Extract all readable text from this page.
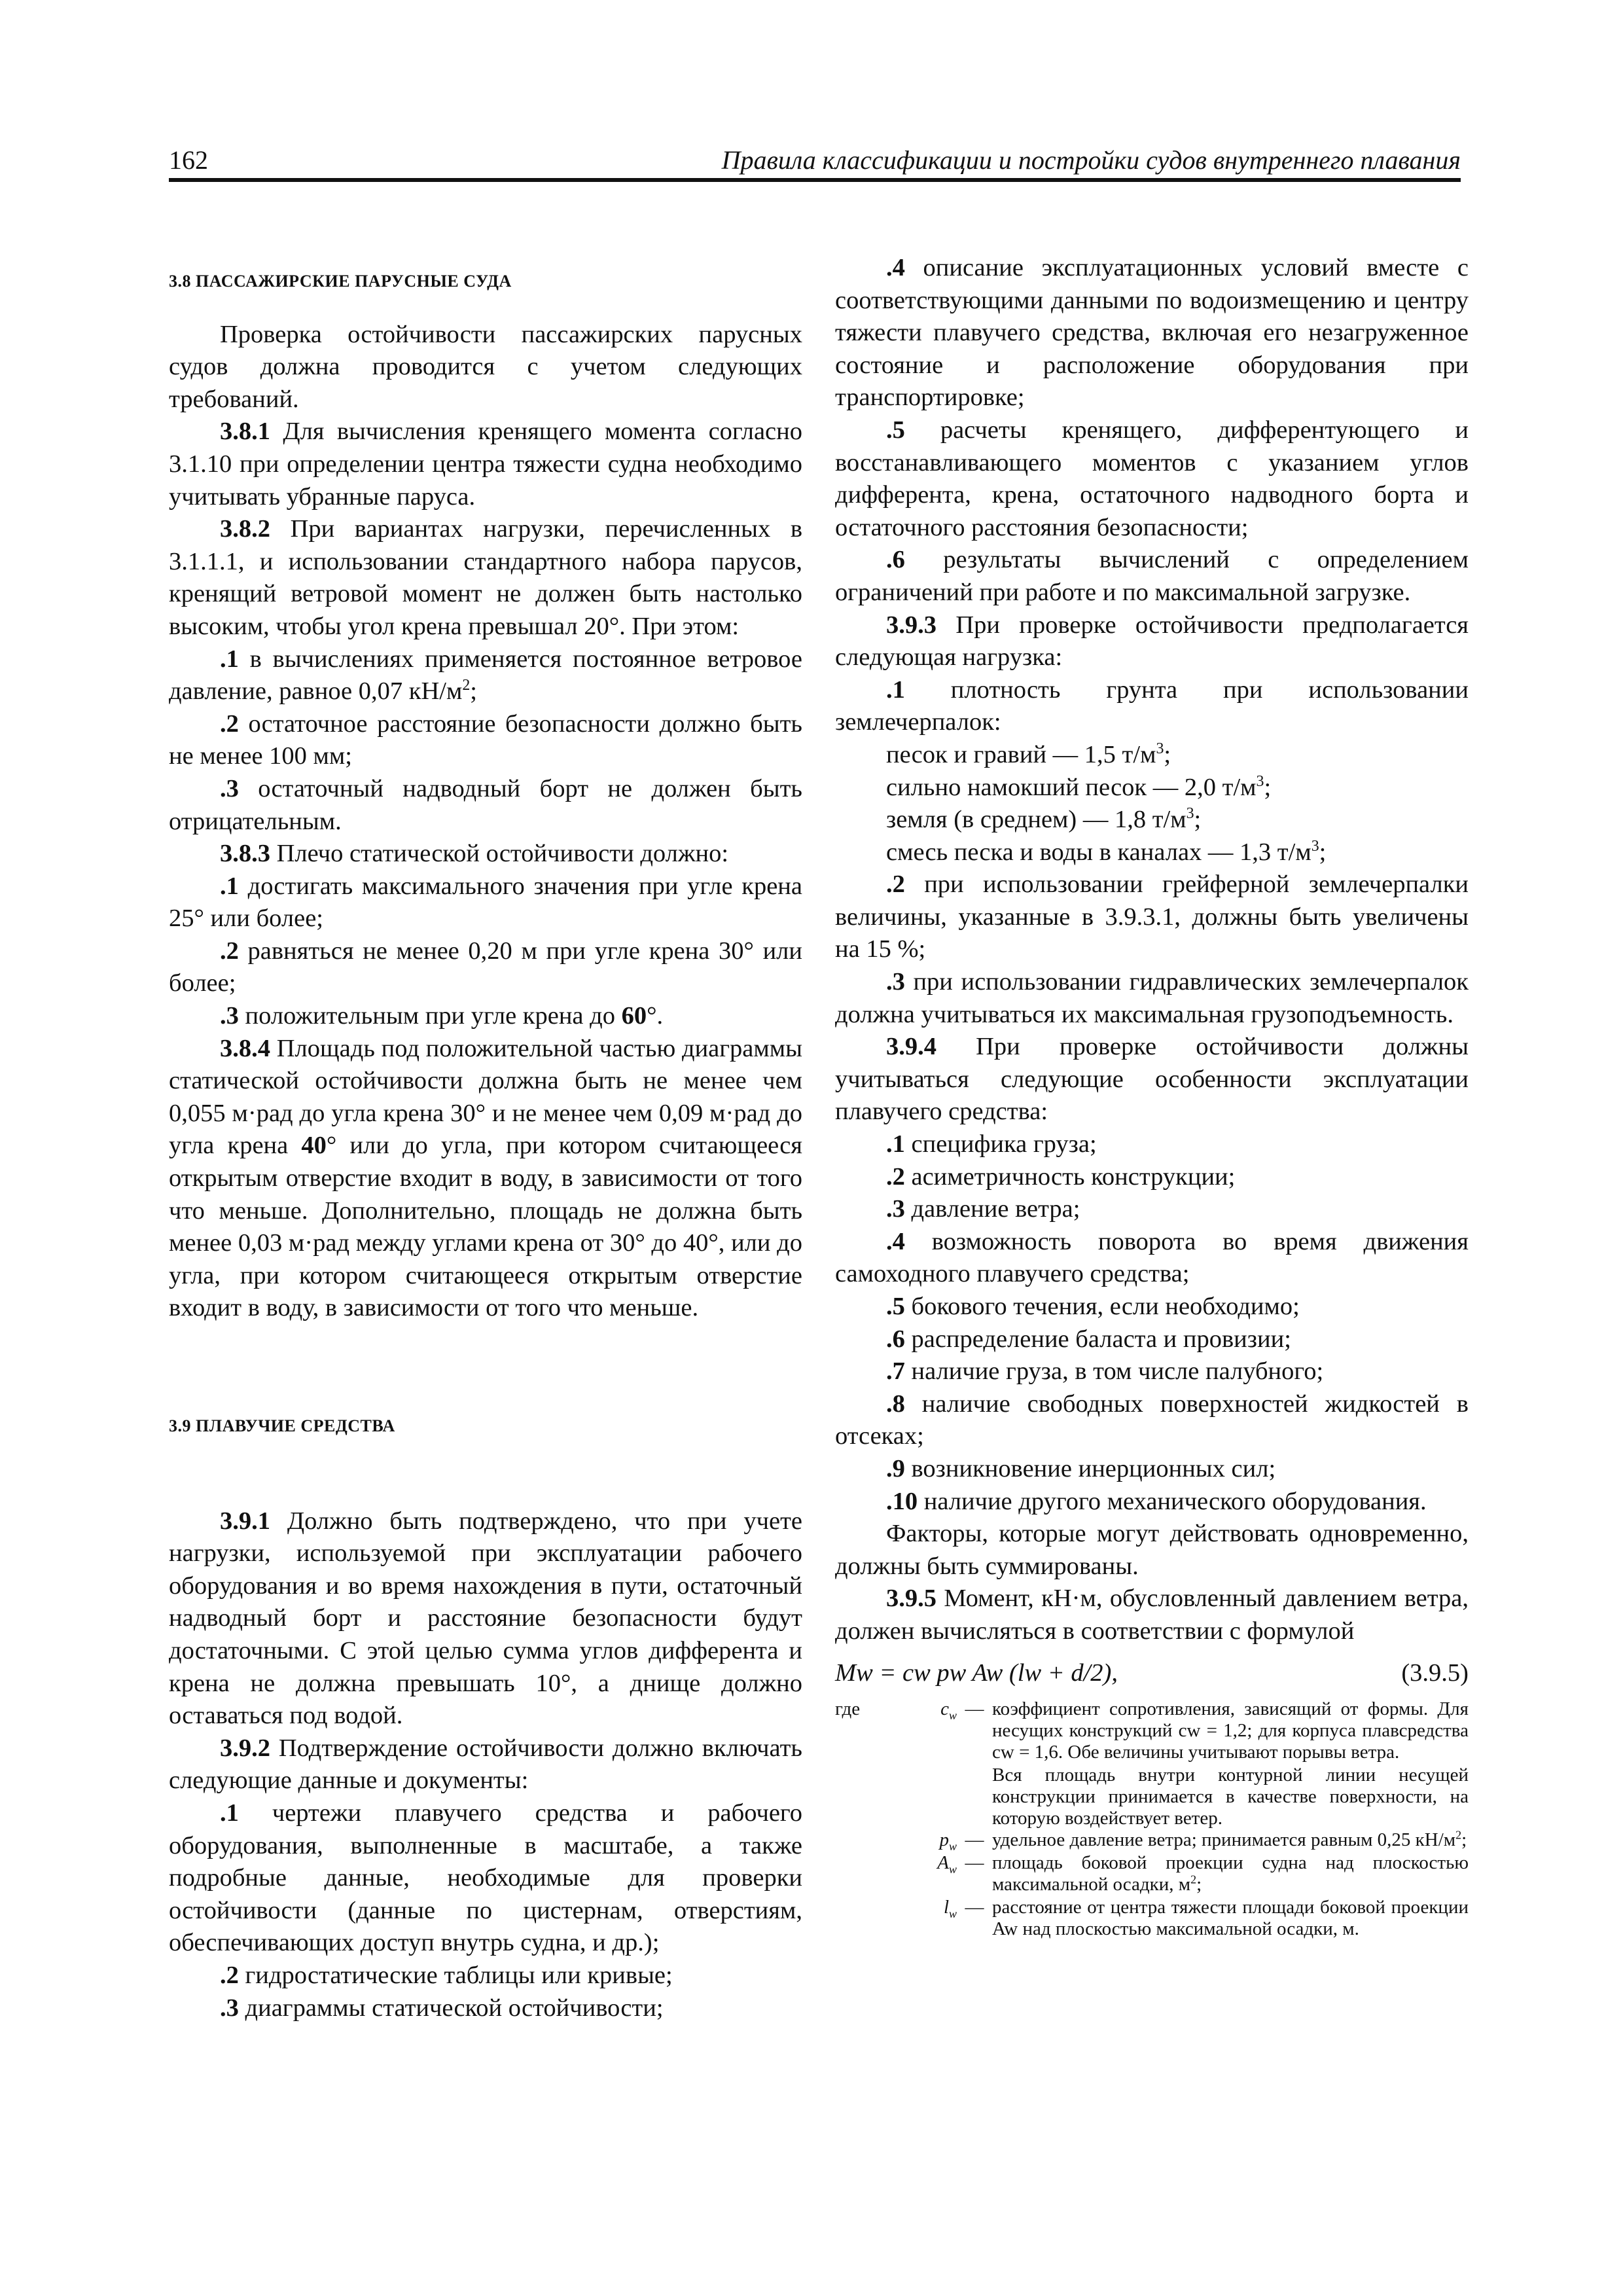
162	Правила классификации и постройки судов внутреннего плавания

3.8 ПАССАЖИРСКИЕ ПАРУСНЫЕ СУДА

Проверка остойчивости пассажирских парусных судов должна проводится с учетом следующих требований.

3.8.1 Для вычисления кренящего момента согласно 3.1.10 при определении центра тяжести судна необходимо учитывать убранные паруса.

3.8.2 При вариантах нагрузки, перечисленных в 3.1.1.1, и использовании стандартного набора парусов, кренящий ветровой момент не должен быть настолько высоким, чтобы угол крена превышал 20°. При этом:

.1 в вычислениях применяется постоянное ветровое давление, равное 0,07 $кН/м^2$;

.2 остаточное расстояние безопасности должно быть не менее 100 мм;

.3 остаточный надводный борт не должен быть отрицательным.

3.8.3 Плечо статической остойчивости должно:

.1 достигать максимального значения при угле крена 25° или более;

.2 равняться не менее 0,20 м при угле крена 30° или более;

.3 положительным при угле крена до 60°.

3.8.4 Площадь под положительной частью диаграммы статической остойчивости должна быть не менее чем 0,055 м·рад до угла крена 30° и не менее чем 0,09 м·рад до угла крена 40° или до угла, при котором считающееся открытым отверстие входит в воду, в зависимости от того что меньше. Дополнительно, площадь не должна быть менее 0,03 м·рад между углами крена от 30° до 40°, или до угла, при котором считающееся открытым отверстие входит в воду, в зависимости от того что меньше.

3.9 ПЛАВУЧИЕ СРЕДСТВА

3.9.1 Должно быть подтверждено, что при учете нагрузки, используемой при эксплуатации рабочего оборудования и во время нахождения в пути, остаточный надводный борт и расстояние безопасности будут достаточными. С этой целью сумма углов дифферента и крена не должна превышать 10°, а днище должно оставаться под водой.

3.9.2 Подтверждение остойчивости должно включать следующие данные и документы:

.1 чертежи плавучего средства и рабочего оборудования, выполненные в масштабе, а также подробные данные, необходимые для проверки остойчивости (данные по цистернам, отверстиям, обеспечивающих доступ внутрь судна, и др.);

.2 гидростатические таблицы или кривые;

.3 диаграммы статической остойчивости;

.4 описание эксплуатационных условий вместе с соответствующими данными по водоизмещению и центру тяжести плавучего средства, включая его незагруженное состояние и расположение оборудования при транспортировке;

.5 расчеты кренящего, дифферентующего и восстанавливающего моментов с указанием углов дифферента, крена, остаточного надводного борта и остаточного расстояния безопасности;

.6 результаты вычислений с определением ограничений при работе и по максимальной загрузке.

3.9.3 При проверке остойчивости предполагается следующая нагрузка:

.1 плотность грунта при использовании землечерпалок:

песок и гравий — 1,5 $т/м^3$;

сильно намокший песок — 2,0 $т/м^3$;

земля (в среднем) — 1,8 $т/м^3$;

смесь песка и воды в каналах — 1,3 $т/м^3$;

.2 при использовании грейферной землечерпалки величины, указанные в 3.9.3.1, должны быть увеличены на 15 %;

.3 при использовании гидравлических землечерпалок должна учитываться их максимальная грузоподъемность.

3.9.4 При проверке остойчивости должны учитываться следующие особенности эксплуатации плавучего средства:

.1 специфика груза;

.2 асиметричность конструкции;

.3 давление ветра;

.4 возможность поворота во время движения самоходного плавучего средства;

.5 бокового течения, если необходимо;

.6 распределение баласта и провизии;

.7 наличие груза, в том числе палубного;

.8 наличие свободных поверхностей жидкостей в отсеках;

.9 возникновение инерционных сил;

.10 наличие другого механического оборудования.

Факторы, которые могут действовать одновременно, должны быть суммированы.

3.9.5 Момент, кН·м, обусловленный давлением ветра, должен вычисляться в соответствии с формулой

Mw = cw pw Aw (lw + d/2),	(3.9.5)
где	$c_w$ — коэффициент сопротивления, зависящий от формы. Для несущих конструкций cw = 1,2; для корпуса плавсредства cw = 1,6. Обе величины учитывают порывы ветра.
Вся площадь внутри контурной линии несущей конструкции принимается в качестве поверхности, на которую воздействует ветер.
$p_w$ — удельное давление ветра; принимается равным 0,25 $кН/м^2$;
$A_w$ — площадь боковой проекции судна над плоскостью максимальной осадки, $м^2$;
$l_w$ — расстояние от центра тяжести площади боковой проекции Aw над плоскостью максимальной осадки, м.
